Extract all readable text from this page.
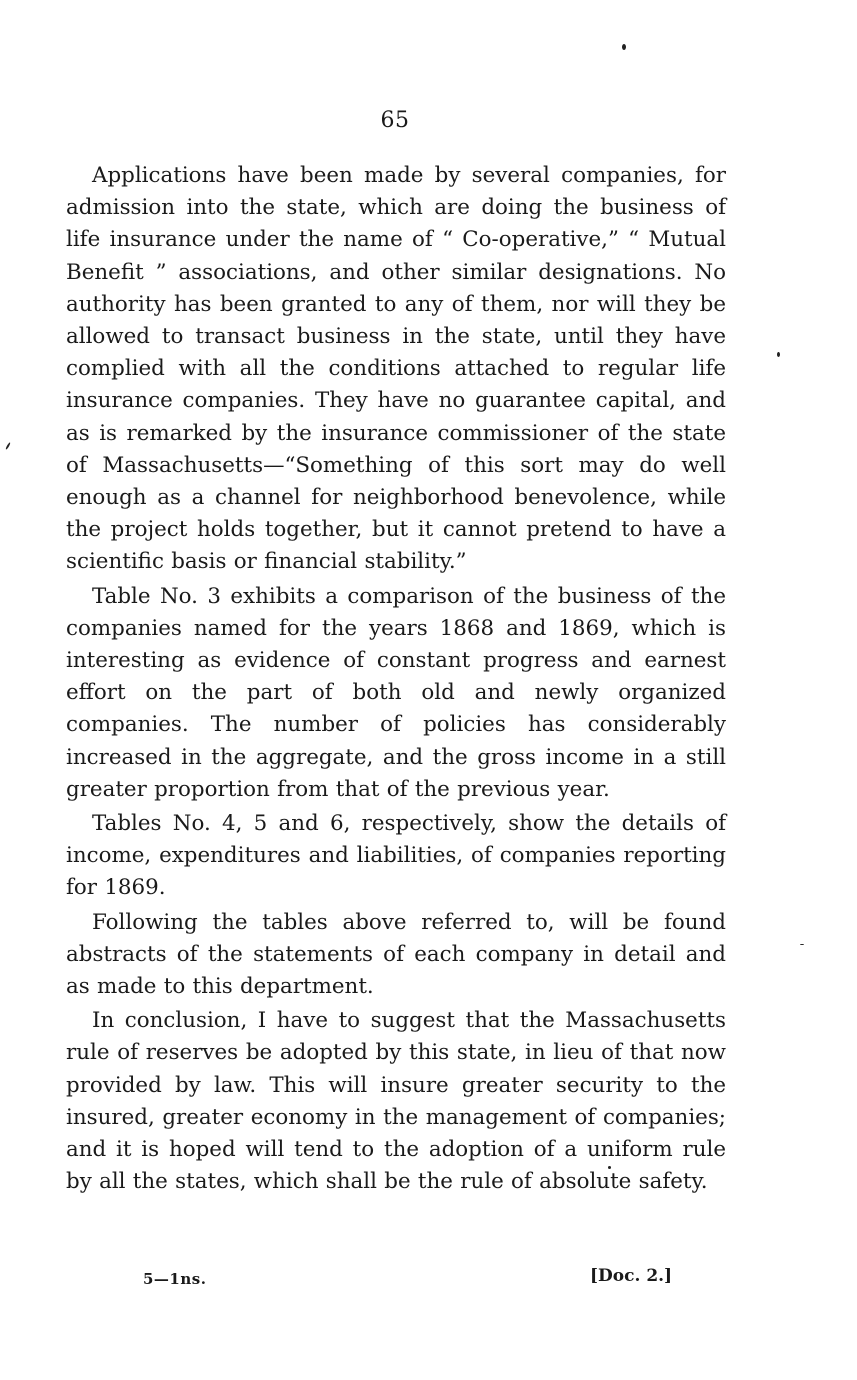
65

Applications have been made by several companies, for admission into the state, which are doing the business of life insurance under the name of “ Co-operative,” “ Mutual Benefit ” associations, and other similar designations. No authority has been granted to any of them, nor will they be allowed to transact business in the state, until they have complied with all the conditions attached to regular life insurance companies. They have no guarantee capital, and as is remarked by the insurance commissioner of the state of Massachusetts—“Something of this sort may do well enough as a channel for neighborhood benevolence, while the project holds together, but it cannot pretend to have a scientific basis or financial stability.”

Table No. 3 exhibits a comparison of the business of the companies named for the years 1868 and 1869, which is interesting as evidence of constant progress and earnest effort on the part of both old and newly organized companies. The number of policies has considerably increased in the aggregate, and the gross income in a still greater proportion from that of the previous year.

Tables No. 4, 5 and 6, respectively, show the details of income, expenditures and liabilities, of companies reporting for 1869.

Following the tables above referred to, will be found abstracts of the statements of each company in detail and as made to this department.

In conclusion, I have to suggest that the Massachusetts rule of reserves be adopted by this state, in lieu of that now provided by law. This will insure greater security to the insured, greater economy in the management of companies; and it is hoped will tend to the adoption of a uniform rule by all the states, which shall be the rule of absolute safety.

5—1ns.	[Doc. 2.]
